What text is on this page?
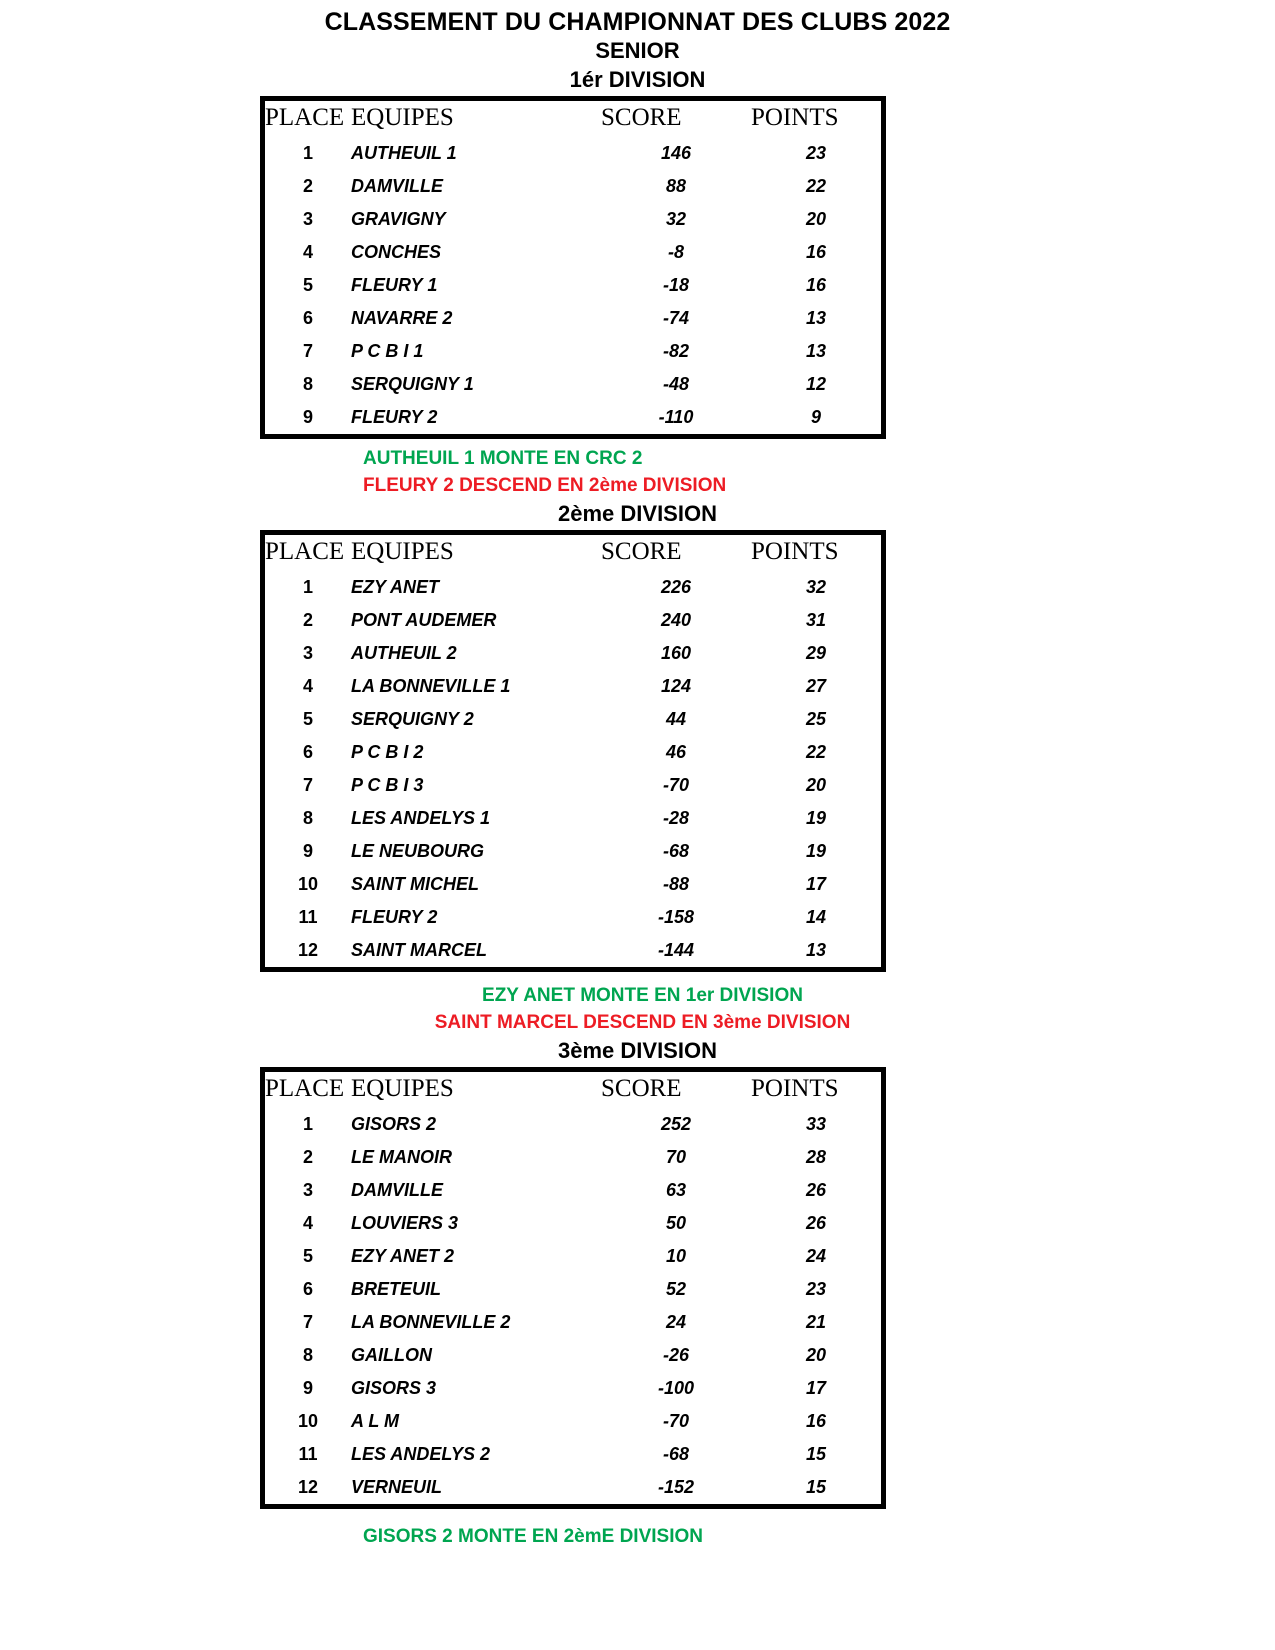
CLASSEMENT DU CHAMPIONNAT DES CLUBS 2022
SENIOR
1ér DIVISION
PLACE	EQUIPES	SCORE	POINTS
1	AUTHEUIL 1	146	23
2	DAMVILLE	88	22
3	GRAVIGNY	32	20
4	CONCHES	-8	16
5	FLEURY 1	-18	16
6	NAVARRE 2	-74	13
7	P C B I 1	-82	13
8	SERQUIGNY 1	-48	12
9	FLEURY 2	-110	9
AUTHEUIL 1 MONTE EN CRC 2
FLEURY 2 DESCEND EN 2ème DIVISION
2ème DIVISION
PLACE	EQUIPES	SCORE	POINTS
1	EZY ANET	226	32
2	PONT AUDEMER	240	31
3	AUTHEUIL 2	160	29
4	LA BONNEVILLE 1	124	27
5	SERQUIGNY 2	44	25
6	P C B I 2	46	22
7	P C B I 3	-70	20
8	LES ANDELYS 1	-28	19
9	LE NEUBOURG	-68	19
10	SAINT MICHEL	-88	17
11	FLEURY 2	-158	14
12	SAINT MARCEL	-144	13
EZY ANET MONTE EN 1er DIVISION
SAINT MARCEL DESCEND EN 3ème DIVISION
3ème DIVISION
PLACE	EQUIPES	SCORE	POINTS
1	GISORS 2	252	33
2	LE MANOIR	70	28
3	DAMVILLE	63	26
4	LOUVIERS 3	50	26
5	EZY ANET 2	10	24
6	BRETEUIL	52	23
7	LA BONNEVILLE 2	24	21
8	GAILLON	-26	20
9	GISORS 3	-100	17
10	A L M	-70	16
11	LES ANDELYS 2	-68	15
12	VERNEUIL	-152	15
GISORS 2 MONTE EN 2èmE DIVISION
